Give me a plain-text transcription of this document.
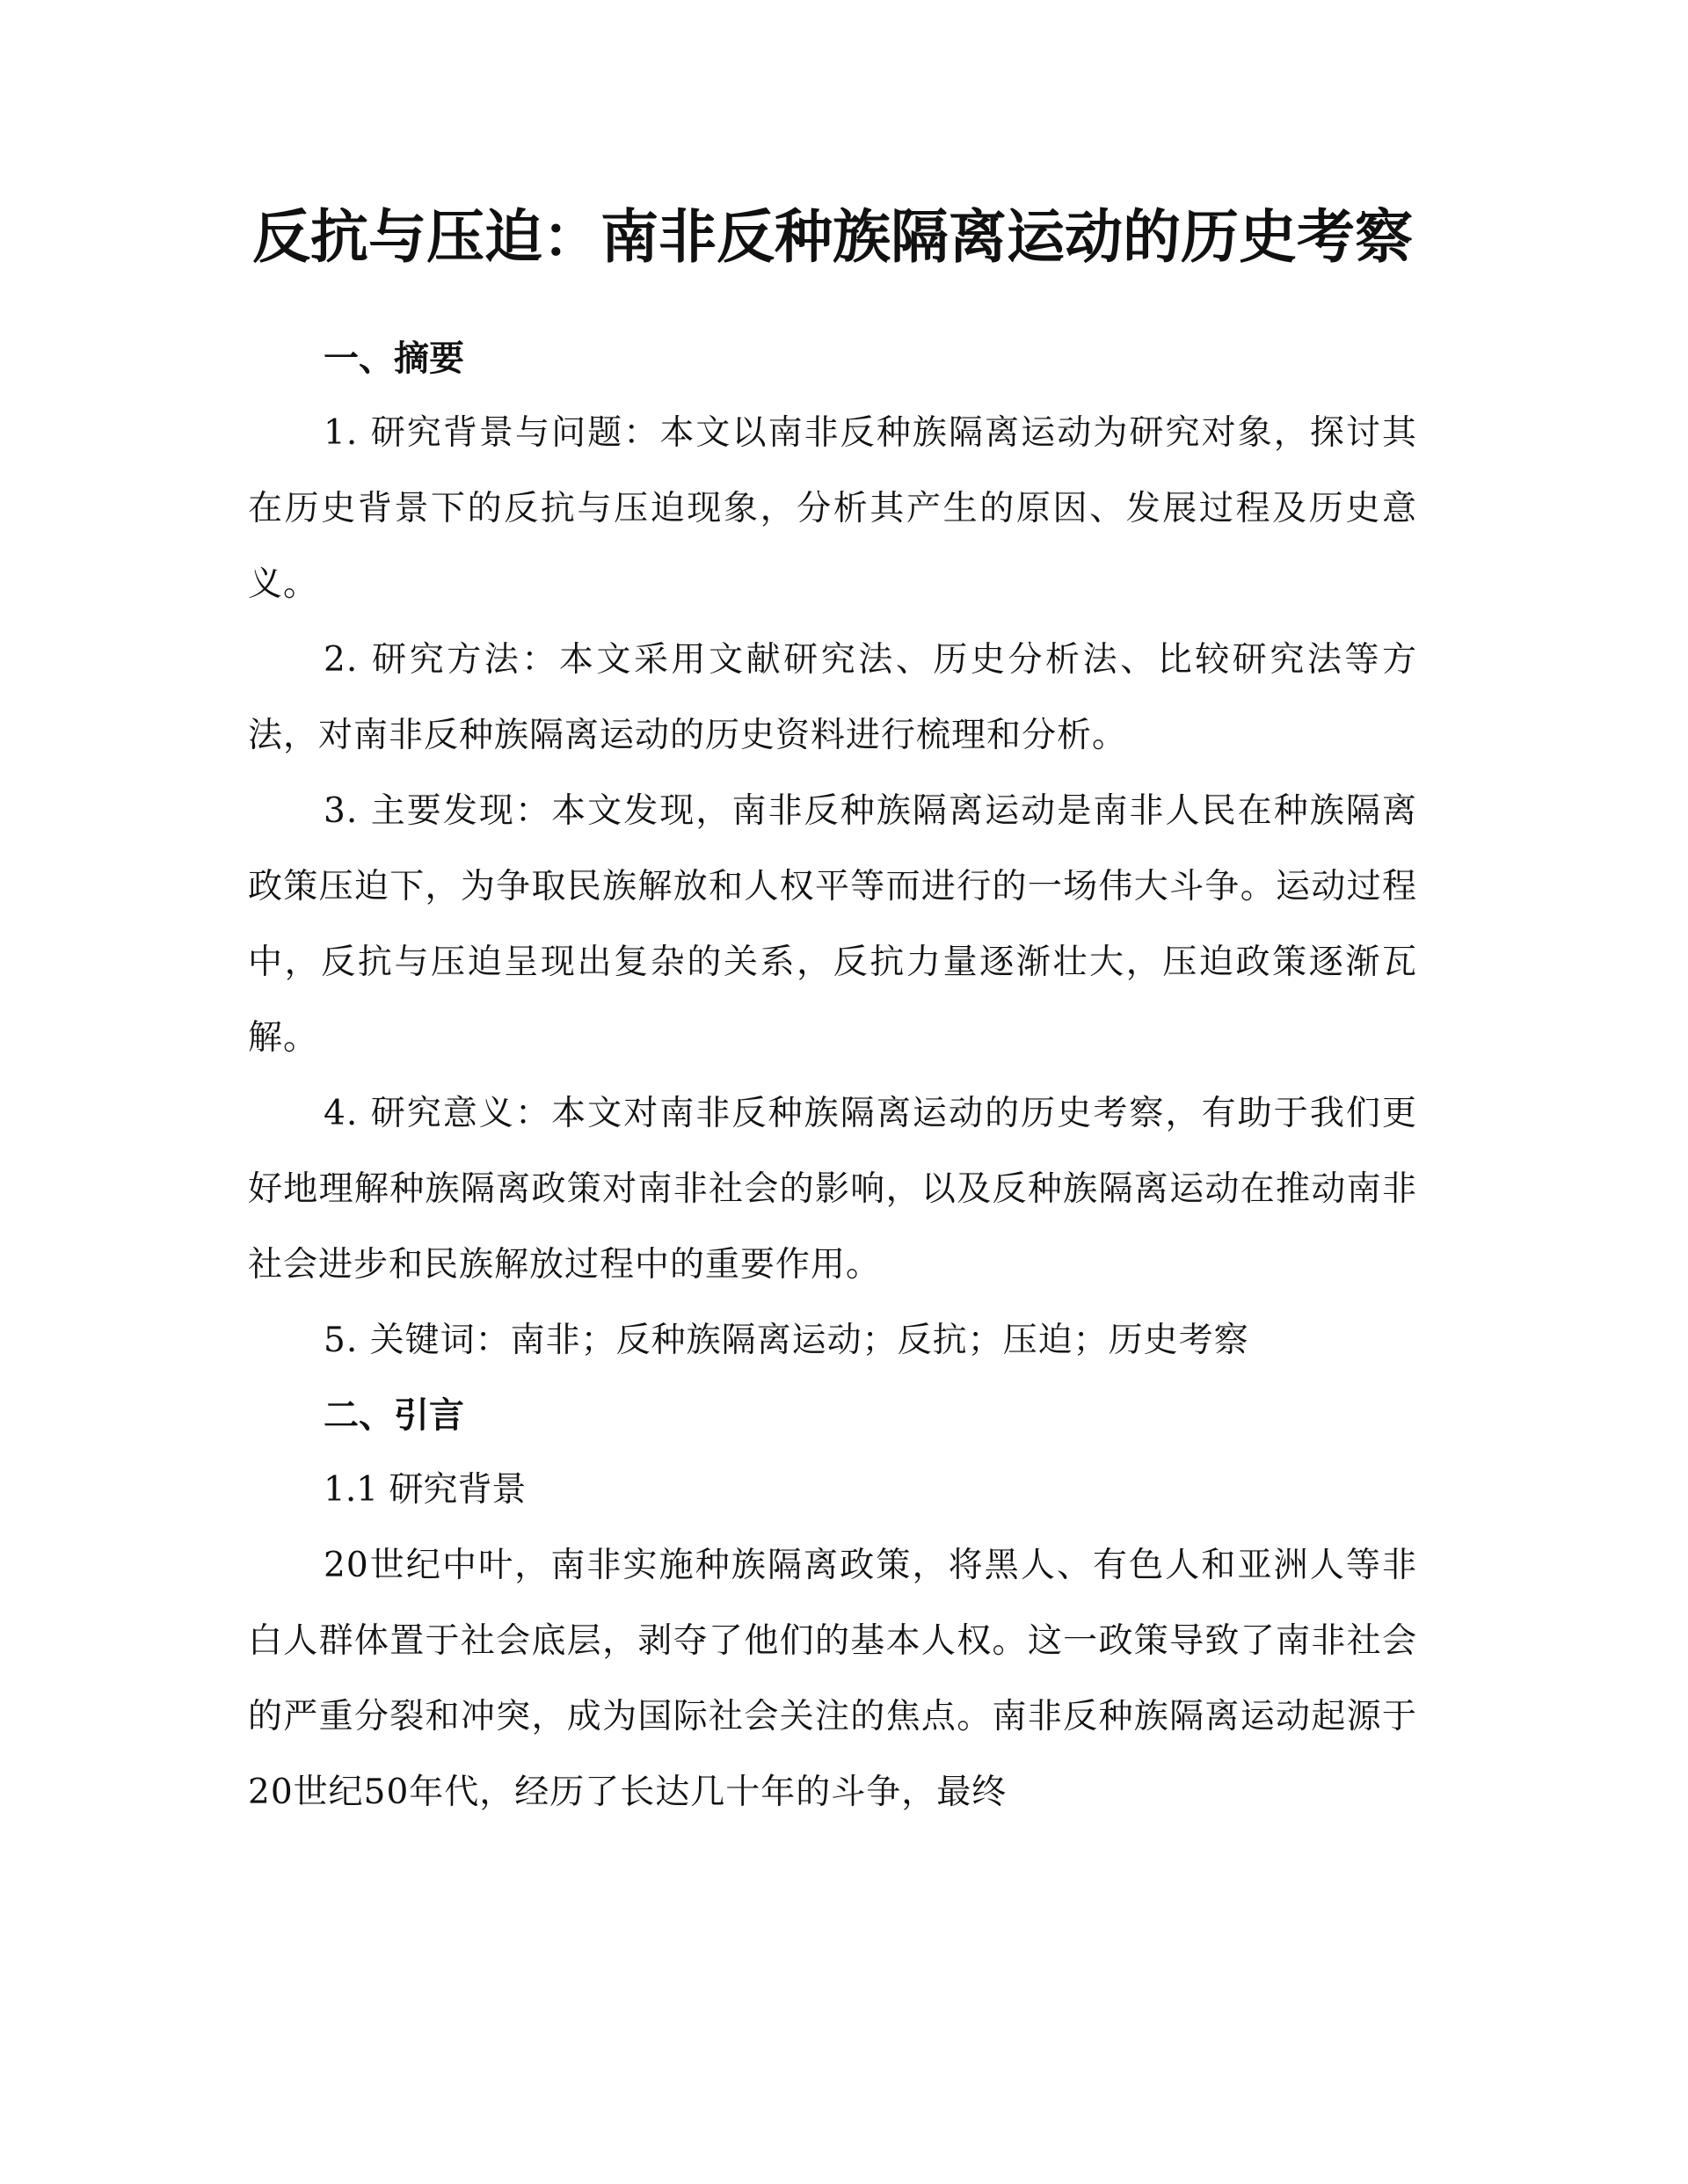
反抗与压迫：南非反种族隔离运动的历史考察
一、摘要

1. 研究背景与问题：本文以南非反种族隔离运动为研究对象，探讨其在历史背景下的反抗与压迫现象，分析其产生的原因、发展过程及历史意义。

2. 研究方法：本文采用文献研究法、历史分析法、比较研究法等方法，对南非反种族隔离运动的历史资料进行梳理和分析。

3. 主要发现：本文发现，南非反种族隔离运动是南非人民在种族隔离政策压迫下，为争取民族解放和人权平等而进行的一场伟大斗争。运动过程中，反抗与压迫呈现出复杂的关系，反抗力量逐渐壮大，压迫政策逐渐瓦解。

4. 研究意义：本文对南非反种族隔离运动的历史考察，有助于我们更好地理解种族隔离政策对南非社会的影响，以及反种族隔离运动在推动南非社会进步和民族解放过程中的重要作用。

5. 关键词：南非；反种族隔离运动；反抗；压迫；历史考察

二、引言
1.1 研究背景

20世纪中叶，南非实施种族隔离政策，将黑人、有色人和亚洲人等非白人群体置于社会底层，剥夺了他们的基本人权。这一政策导致了南非社会的严重分裂和冲突，成为国际社会关注的焦点。南非反种族隔离运动起源于20世纪50年代，经历了长达几十年的斗争，最终
